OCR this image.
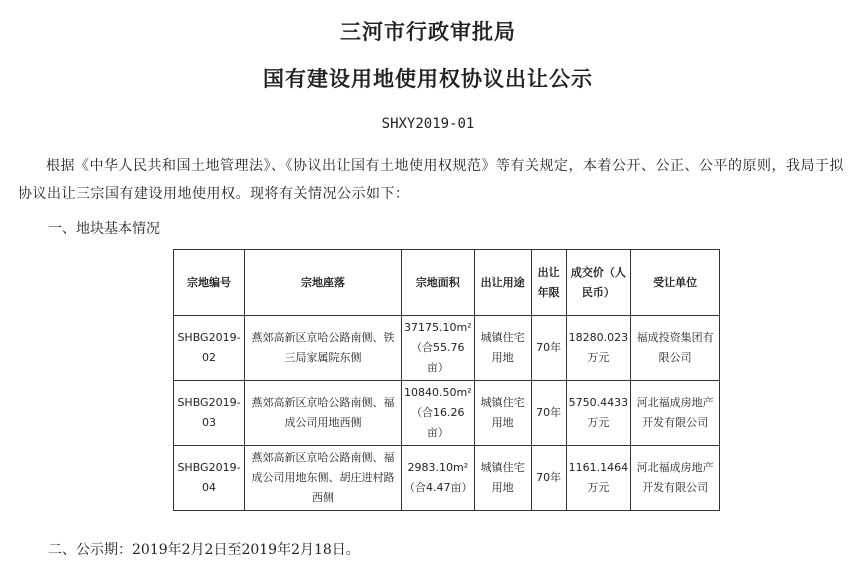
三河市行政审批局
国有建设用地使用权协议出让公示
SHXY2019-01
根据《中华人民共和国土地管理法》、《协议出让国有土地使用权规范》等有关规定，本着公开、公正、公平的原则，我局于拟协议出让三宗国有建设用地使用权。现将有关情况公示如下：
一、地块基本情况
宗地编号	宗地座落	宗地面积	出让用途	出让年限	成交价（人民币）	受让单位
SHBG2019-02	燕郊高新区京哈公路南侧、铁三局家属院东侧	37175.10m²
（合55.76亩）	城镇住宅用地	70年	18280.023万元	福成投资集团有限公司
SHBG2019-03	燕郊高新区京哈公路南侧、福成公司用地西侧	10840.50m²
（合16.26亩）	城镇住宅用地	70年	5750.4433万元	河北福成房地产开发有限公司
SHBG2019-04	燕郊高新区京哈公路南侧、福成公司用地东侧、胡庄进村路西侧	2983.10m²
（合4.47亩）	城镇住宅用地	70年	1161.1464万元	河北福成房地产开发有限公司
二、公示期：2019年2月2日至2019年2月18日。
